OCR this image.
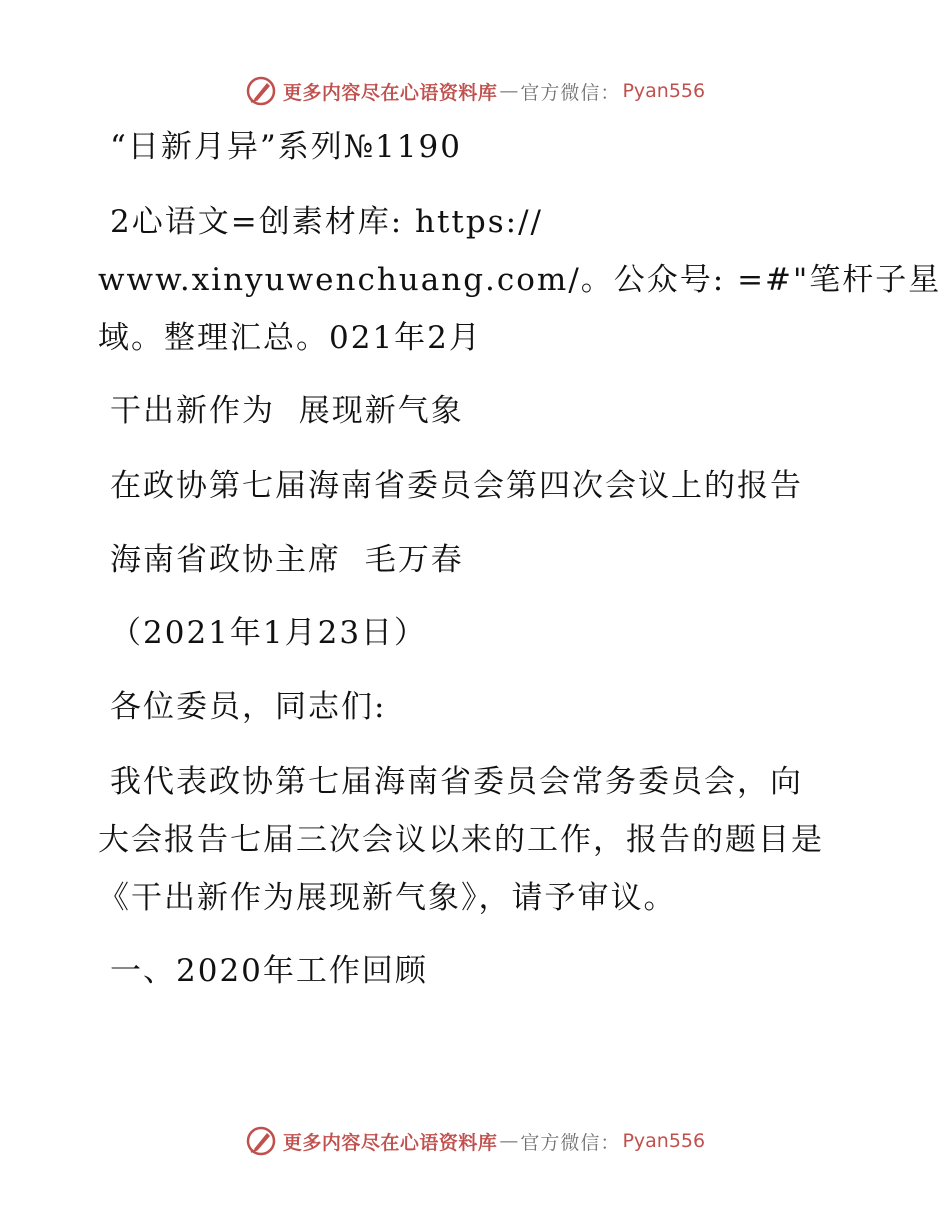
更多内容尽在心语资料库 — 官方微信： Pyan556
“日新月异”系列№1190
2心语文=创素材库: https://
www.xinyuwenchuang.com/。公众号: =#"笔杆子星
域。整理汇总。021年2月
干出新作为  展现新气象
在政协第七届海南省委员会第四次会议上的报告
海南省政协主席  毛万春
（2021年1月23日）
各位委员，同志们:
我代表政协第七届海南省委员会常务委员会，向
大会报告七届三次会议以来的工作，报告的题目是
《干出新作为展现新气象》，请予审议。
一、2020年工作回顾
更多内容尽在心语资料库 — 官方微信： Pyan556
